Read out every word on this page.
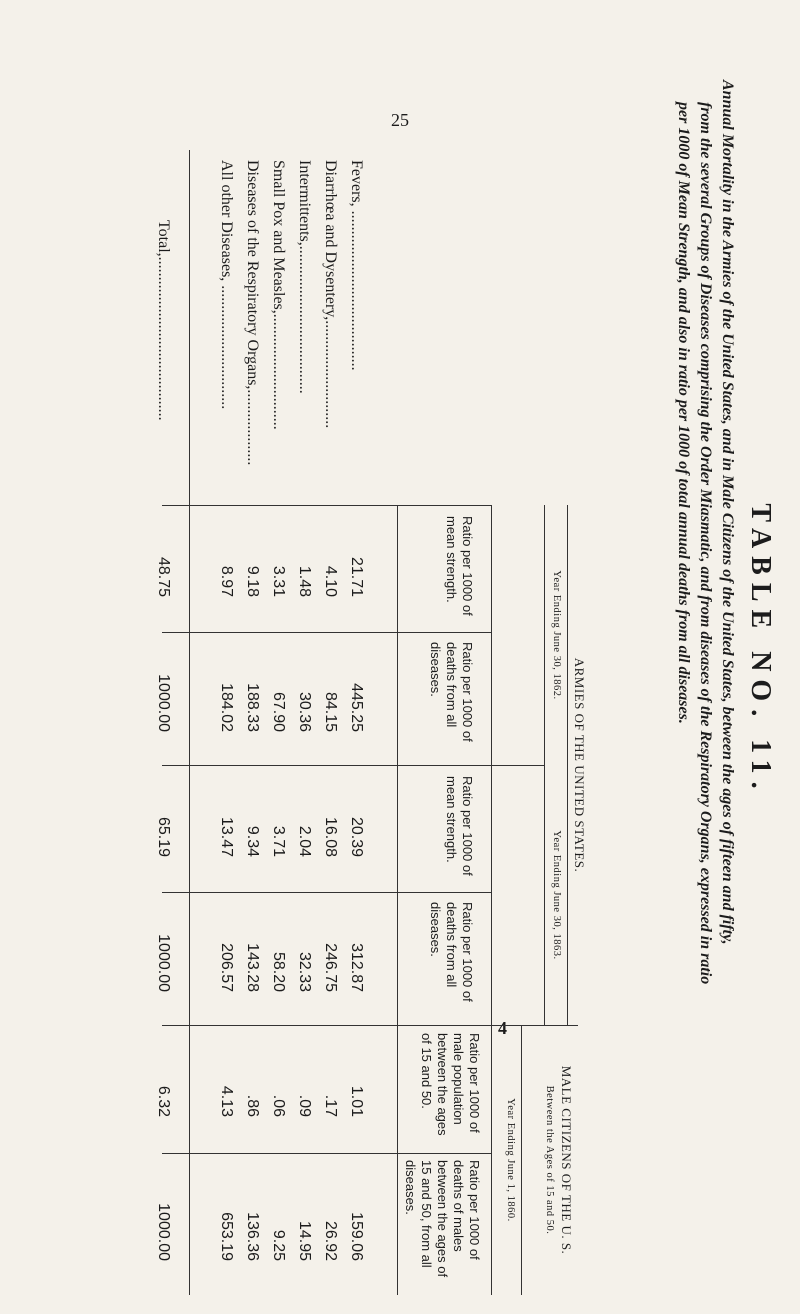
25
4
TABLE NO. 11.
Annual Mortality in the Armies of the United States, and in Male Citizens of the United States, between the ages of fifteen and fifty,
from the several Groups of Diseases comprising the Order Miasmatic, and from diseases of the Respiratory Organs, expressed in ratio
per 1000 of Mean Strength, and also in ratio per 1000 of total annual deaths from all diseases.
ARMIES OF THE UNITED STATES.
Year Ending June 30, 1862.
Year Ending June 30, 1863.
MALE CITIZENS OF THE U. S.
Between the Ages of 15 and 50.
Year Ending June 1, 1860.
Ratio per 1000 of mean strength.
Ratio per 1000 of deaths from all diseases.
Ratio per 1000 of mean strength.
Ratio per 1000 of deaths from all diseases.
Ratio per 1000 of male population between the ages of 15 and 50.
Ratio per 1000 of deaths of males between the ages of 15 and 50, from all diseases.
Fevers, ........................................
Diarrhœa and Dysentery,...........................
Intermittents,.....................................
Small Pox and Measles,.............................
Diseases of the Respiratory Organs,...................
All other Diseases, ...............................
Total,.........................................
21.71
445.25
20.39
312.87
1.01
159.06
4.10
84.15
16.08
246.75
.17
26.92
1.48
30.36
2.04
32.33
.09
14.95
3.31
67.90
3.71
58.20
.06
9.25
9.18
188.33
9.34
143.28
.86
136.36
8.97
184.02
13.47
206.57
4.13
653.19
48.75
1000.00
65.19
1000.00
6.32
1000.00
